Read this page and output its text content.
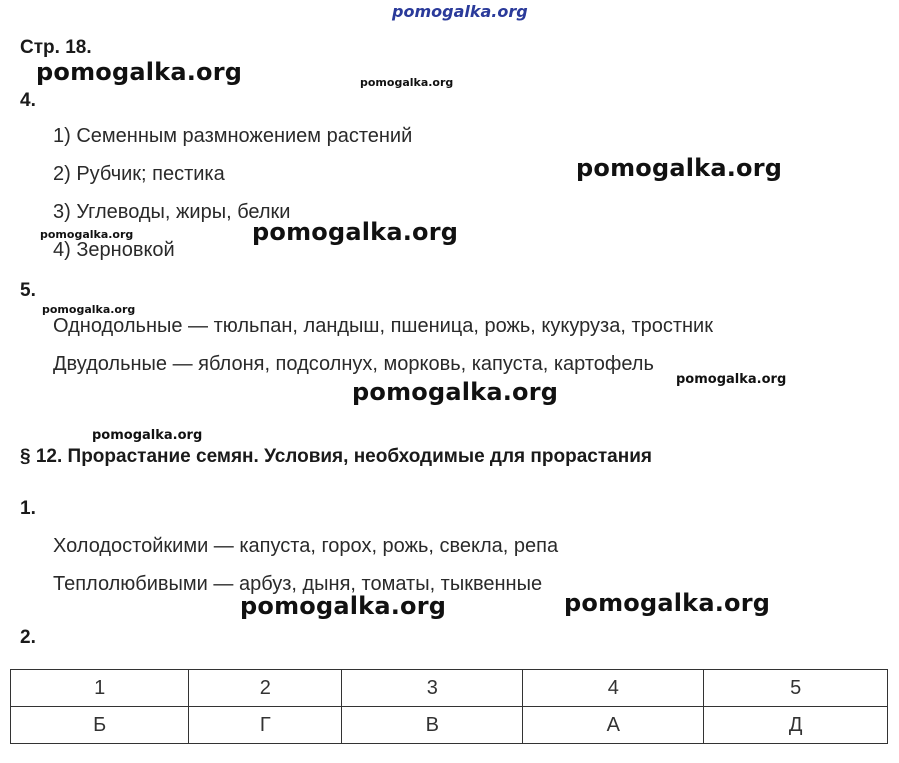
pomogalka.org
Стр. 18.
pomogalka.org	pomogalka.org
4.
1) Семенным размножением растений
2) Рубчик; пестика	pomogalka.org
3) Углеводы, жиры, белки
pomogalka.org	pomogalka.org
4) Зерновкой
5.
pomogalka.org
Однодольные — тюльпан, ландыш, пшеница, рожь, кукуруза, тростник
Двудольные — яблоня, подсолнух, морковь, капуста, картофель
pomogalka.org
pomogalka.org
pomogalka.org
§ 12. Прорастание семян. Условия, необходимые для прорастания
1.
Холодостойкими — капуста, горох, рожь, свекла, репа
Теплолюбивыми — арбуз, дыня, томаты, тыквенные
pomogalka.org	pomogalka.org
2.
1	2	3	4	5
Б	Г	В	А	Д
